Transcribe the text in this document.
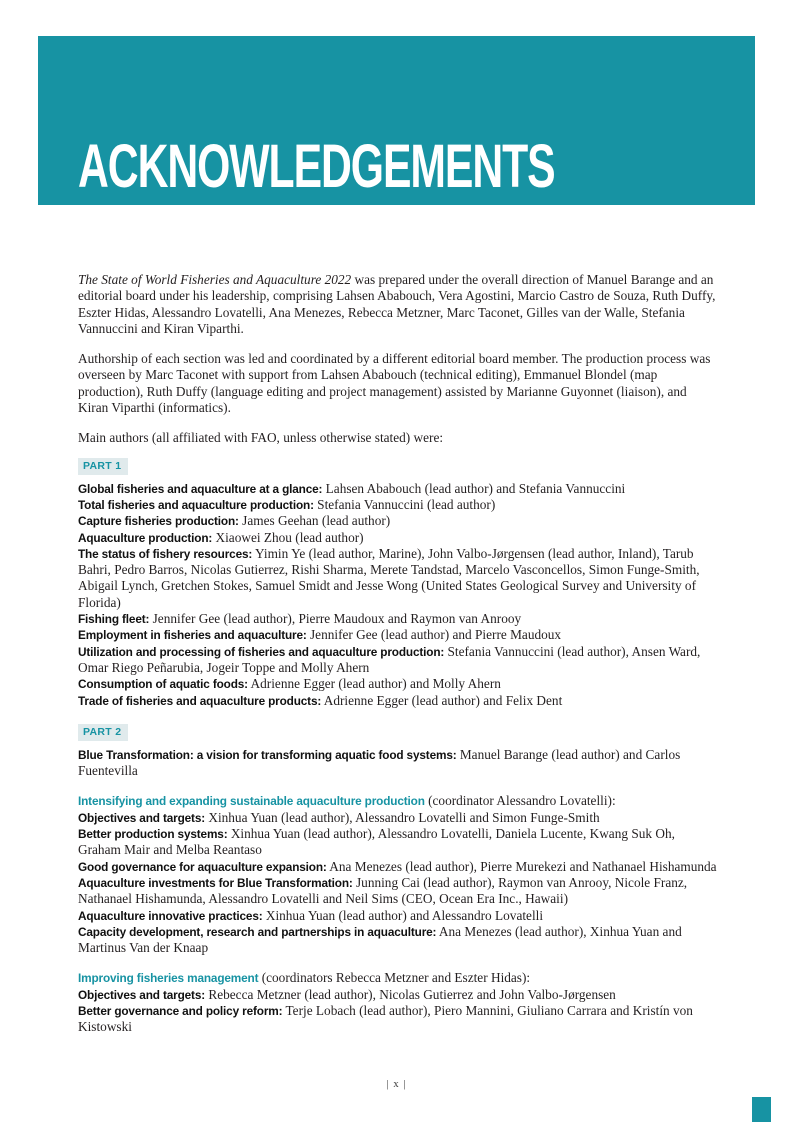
ACKNOWLEDGEMENTS

The State of World Fisheries and Aquaculture 2022 was prepared under the overall direction of Manuel Barange and an editorial board under his leadership, comprising Lahsen Ababouch, Vera Agostini, Marcio Castro de Souza, Ruth Duffy, Eszter Hidas, Alessandro Lovatelli, Ana Menezes, Rebecca Metzner, Marc Taconet, Gilles van der Walle, Stefania Vannuccini and Kiran Viparthi.

Authorship of each section was led and coordinated by a different editorial board member. The production process was overseen by Marc Taconet with support from Lahsen Ababouch (technical editing), Emmanuel Blondel (map production), Ruth Duffy (language editing and project management) assisted by Marianne Guyonnet (liaison), and Kiran Viparthi (informatics).

Main authors (all affiliated with FAO, unless otherwise stated) were:

PART 1

Global fisheries and aquaculture at a glance: Lahsen Ababouch (lead author) and Stefania Vannuccini

Total fisheries and aquaculture production: Stefania Vannuccini (lead author)

Capture fisheries production: James Geehan (lead author)

Aquaculture production: Xiaowei Zhou (lead author)

The status of fishery resources: Yimin Ye (lead author, Marine), John Valbo-Jørgensen (lead author, Inland), Tarub Bahri, Pedro Barros, Nicolas Gutierrez, Rishi Sharma, Merete Tandstad, Marcelo Vasconcellos, Simon Funge-Smith, Abigail Lynch, Gretchen Stokes, Samuel Smidt and Jesse Wong (United States Geological Survey and University of Florida)

Fishing fleet: Jennifer Gee (lead author), Pierre Maudoux and Raymon van Anrooy

Employment in fisheries and aquaculture: Jennifer Gee (lead author) and Pierre Maudoux

Utilization and processing of fisheries and aquaculture production: Stefania Vannuccini (lead author), Ansen Ward, Omar Riego Peñarubia, Jogeir Toppe and Molly Ahern

Consumption of aquatic foods: Adrienne Egger (lead author) and Molly Ahern

Trade of fisheries and aquaculture products: Adrienne Egger (lead author) and Felix Dent

PART 2

Blue Transformation: a vision for transforming aquatic food systems: Manuel Barange (lead author) and Carlos Fuentevilla

Intensifying and expanding sustainable aquaculture production (coordinator Alessandro Lovatelli):

Objectives and targets: Xinhua Yuan (lead author), Alessandro Lovatelli and Simon Funge-Smith

Better production systems: Xinhua Yuan (lead author), Alessandro Lovatelli, Daniela Lucente, Kwang Suk Oh, Graham Mair and Melba Reantaso

Good governance for aquaculture expansion: Ana Menezes (lead author), Pierre Murekezi and Nathanael Hishamunda

Aquaculture investments for Blue Transformation: Junning Cai (lead author), Raymon van Anrooy, Nicole Franz, Nathanael Hishamunda, Alessandro Lovatelli and Neil Sims (CEO, Ocean Era Inc., Hawaii)

Aquaculture innovative practices: Xinhua Yuan (lead author) and Alessandro Lovatelli

Capacity development, research and partnerships in aquaculture: Ana Menezes (lead author), Xinhua Yuan and Martinus Van der Knaap

Improving fisheries management (coordinators Rebecca Metzner and Eszter Hidas):

Objectives and targets: Rebecca Metzner (lead author), Nicolas Gutierrez and John Valbo-Jørgensen

Better governance and policy reform: Terje Lobach (lead author), Piero Mannini, Giuliano Carrara and Kristín von Kistowski

| x |
